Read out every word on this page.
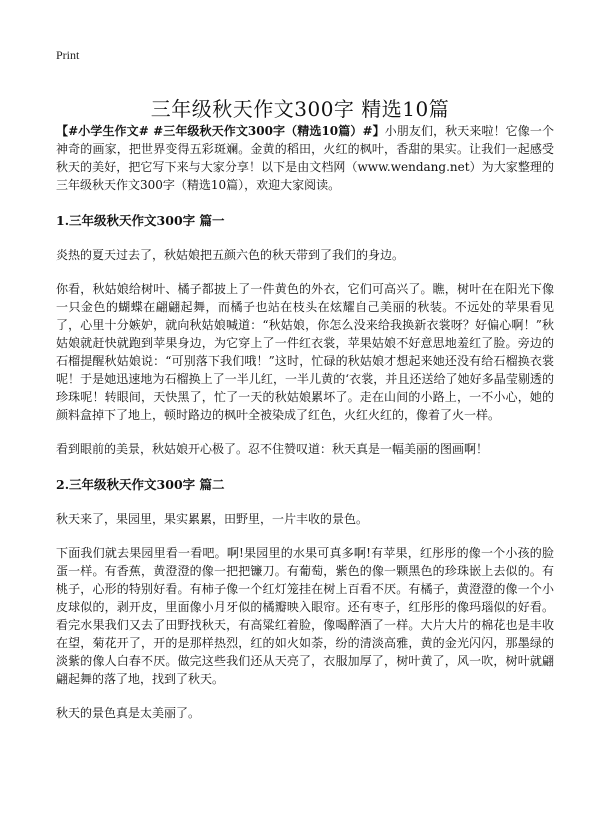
Print
三年级秋天作文300字 精选10篇

【#小学生作文# #三年级秋天作文300字（精选10篇）#】小朋友们，秋天来啦！它像一个神奇的画家，把世界变得五彩斑斓。金黄的稻田，火红的枫叶，香甜的果实。让我们一起感受秋天的美好，把它写下来与大家分享！以下是由文档网（www.wendang.net）为大家整理的三年级秋天作文300字（精选10篇），欢迎大家阅读。

1.三年级秋天作文300字 篇一

炎热的夏天过去了，秋姑娘把五颜六色的秋天带到了我们的身边。

你看，秋姑娘给树叶、橘子都披上了一件黄色的外衣，它们可高兴了。瞧，树叶在在阳光下像一只金色的蝴蝶在翩翩起舞，而橘子也站在枝头在炫耀自己美丽的秋装。不远处的苹果看见了，心里十分嫉妒，就向秋姑娘喊道：“秋姑娘，你怎么没来给我换新衣裳呀？好偏心啊！”秋姑娘就赶快就跑到苹果身边，为它穿上了一件红衣裳，苹果姑娘不好意思地羞红了脸。旁边的石榴提醒秋姑娘说：“可别落下我们哦！”这时，忙碌的秋姑娘才想起来她还没有给石榴换衣裳呢！于是她迅速地为石榴换上了一半儿红，一半儿黄的‘衣裳，并且还送给了她好多晶莹剔透的珍珠呢！转眼间，天快黑了，忙了一天的秋姑娘累坏了。走在山间的小路上，一不小心，她的颜料盒掉下了地上，顿时路边的枫叶全被染成了红色，火红火红的，像着了火一样。

看到眼前的美景，秋姑娘开心极了。忍不住赞叹道：秋天真是一幅美丽的图画啊！

2.三年级秋天作文300字 篇二

秋天来了，果园里，果实累累，田野里，一片丰收的景色。

下面我们就去果园里看一看吧。啊!果园里的水果可真多啊!有苹果，红彤彤的像一个小孩的脸蛋一样。有香蕉，黄澄澄的像一把把镰刀。有葡萄，紫色的像一颗黑色的珍珠嵌上去似的。有桃子，心形的特别好看。有柿子像一个红灯笼挂在树上百看不厌。有橘子，黄澄澄的像一个小皮球似的，剥开皮，里面像小月牙似的橘瓣映入眼帘。还有枣子，红彤彤的像玛瑙似的好看。看完水果我们又去了田野找秋天，有高粱红着脸，像喝醉酒了一样。大片大片的棉花也是丰收在望，菊花开了，开的是那样热烈，红的如火如荼，纷的清淡高雅，黄的金光闪闪，那墨绿的淡紫的像人白春不厌。做完这些我们还从天亮了，衣服加厚了，树叶黄了，风一吹，树叶就翩翩起舞的落了地，找到了秋天。

秋天的景色真是太美丽了。
